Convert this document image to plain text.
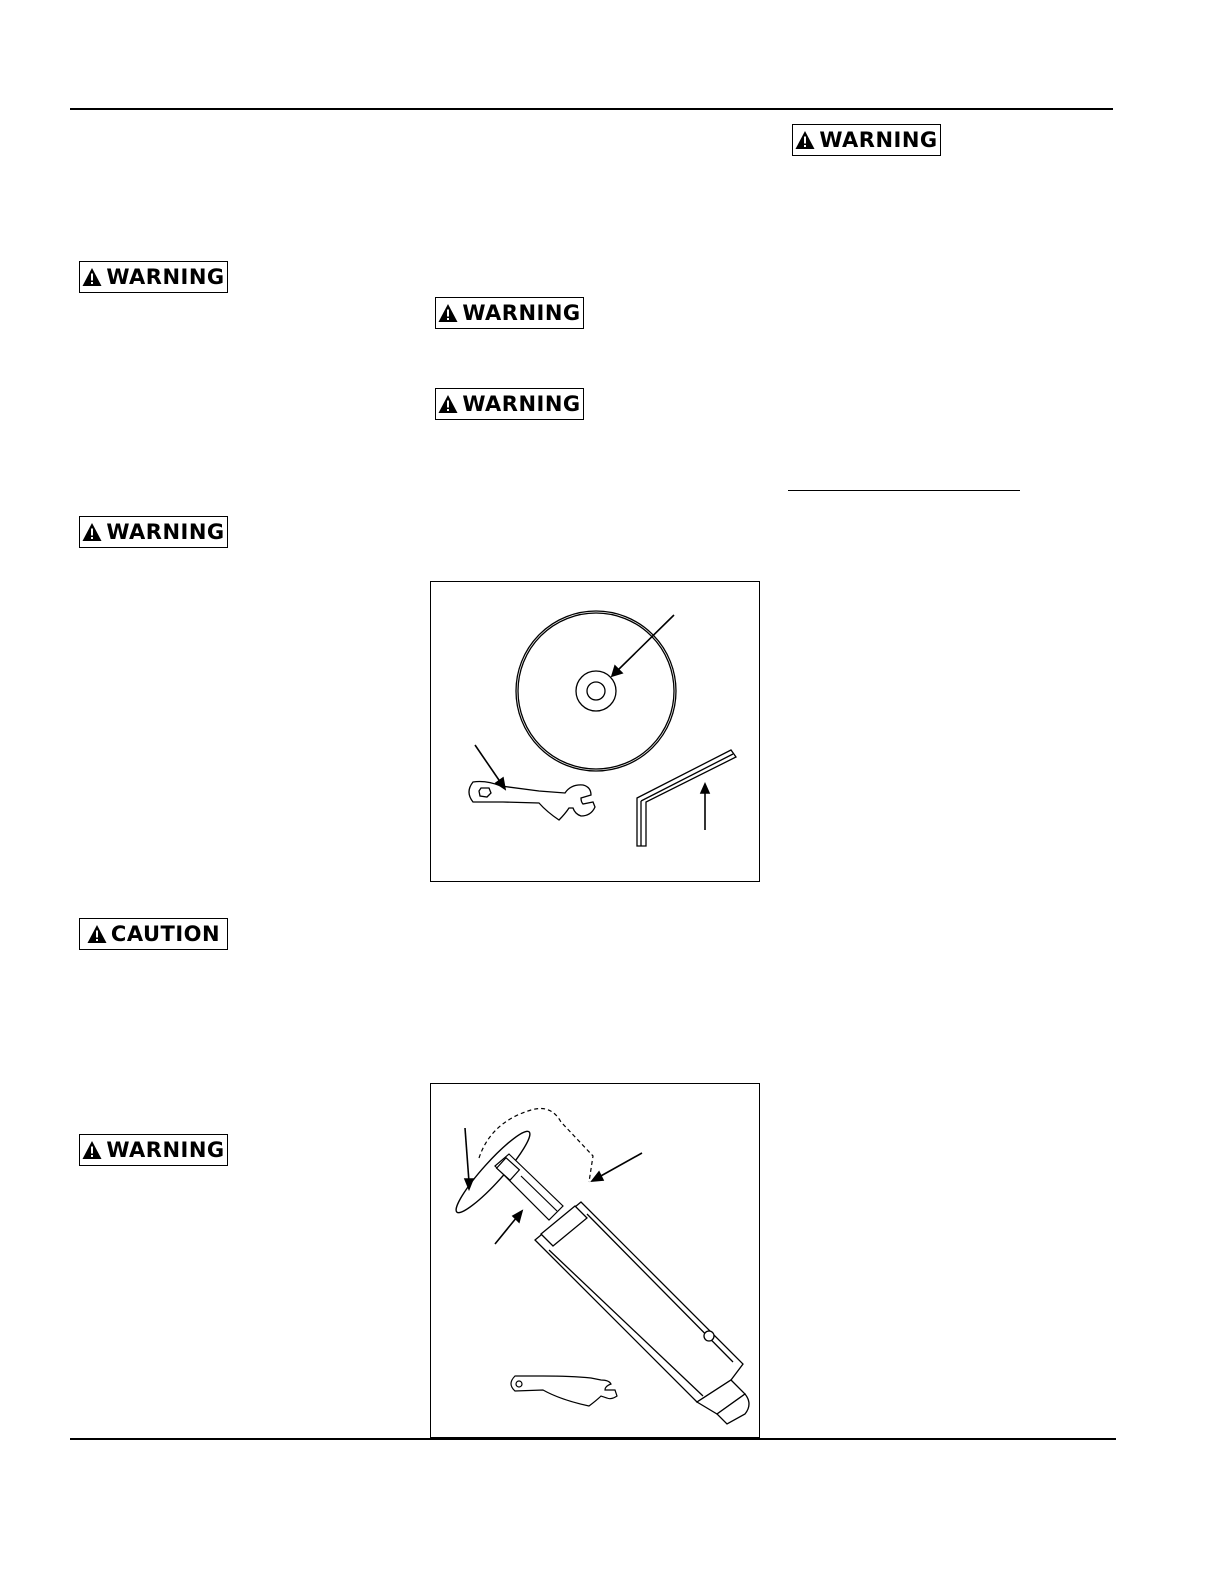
WARNING
WARNING
CAUTION
WARNING
WARNING
WARNING
WARNING
